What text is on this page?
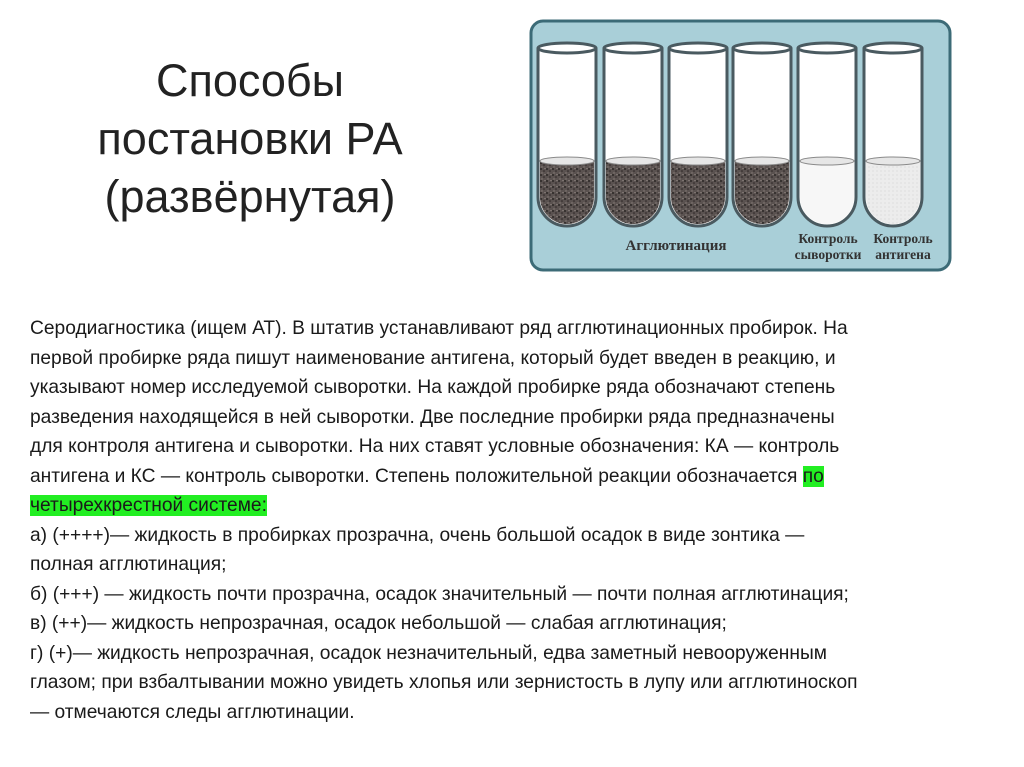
Способы
постановки РА
(развёрнутая)
Агглютинация	Контроль
сыворотки
Контроль
антигена
Серодиагностика (ищем АТ). В штатив устанавливают ряд агглютинационных пробирок. На
первой пробирке ряда пишут наименование антигена, который будет введен в реакцию, и
указывают номер исследуемой сыворотки. На каждой пробирке ряда обозначают степень
разведения находящейся в ней сыворотки. Две последние пробирки ряда предназначены
для контроля антигена и сыворотки. На них ставят условные обозначения: КА — контроль
антигена и КС — контроль сыворотки. Степень положительной реакции обозначается по
четырехкрестной системе:
а) (++++)— жидкость в пробирках прозрачна, очень большой осадок в виде зонтика —
полная агглютинация;
б) (+++) — жидкость почти прозрачна, осадок значительный — почти полная агглютинация;
в) (++)— жидкость непрозрачная, осадок небольшой — слабая агглютинация;
г) (+)— жидкость непрозрачная, осадок незначительный, едва заметный невооруженным
глазом; при взбалтывании можно увидеть хлопья или зернистость в лупу или агглютиноскоп
— отмечаются следы агглютинации.
